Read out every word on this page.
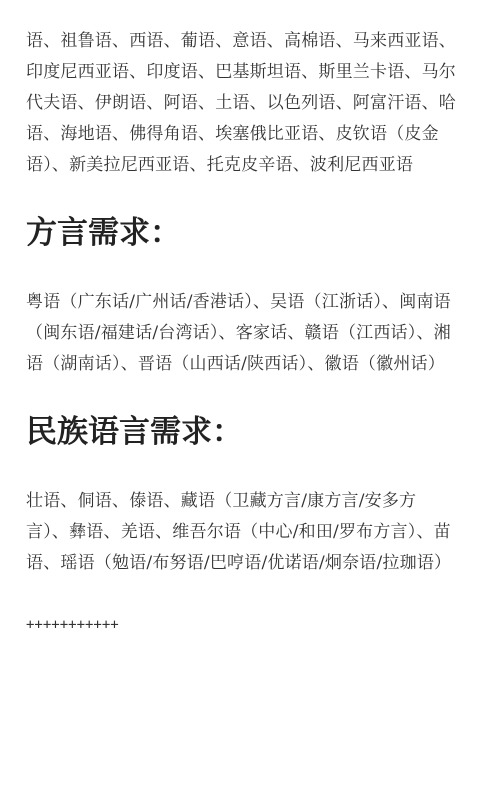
语、祖鲁语、西语、葡语、意语、高棉语、马来西亚语、印度尼西亚语、印度语、巴基斯坦语、斯里兰卡语、马尔代夫语、伊朗语、阿语、土语、以色列语、阿富汗语、哈语、海地语、佛得角语、埃塞俄比亚语、皮钦语（皮金语）、新美拉尼西亚语、托克皮辛语、波利尼西亚语

方言需求：

粤语（广东话/广州话/香港话）、吴语（江浙话）、闽南语（闽东语/福建话/台湾话）、客家话、赣语（江西话）、湘语（湖南话）、晋语（山西话/陕西话）、徽语（徽州话）

民族语言需求：

壮语、侗语、傣语、藏语（卫藏方言/康方言/安多方言）、彝语、羌语、维吾尔语（中心/和田/罗布方言）、苗语、瑶语（勉语/布努语/巴哼语/优诺语/炯奈语/拉珈语）

+++++++++++
